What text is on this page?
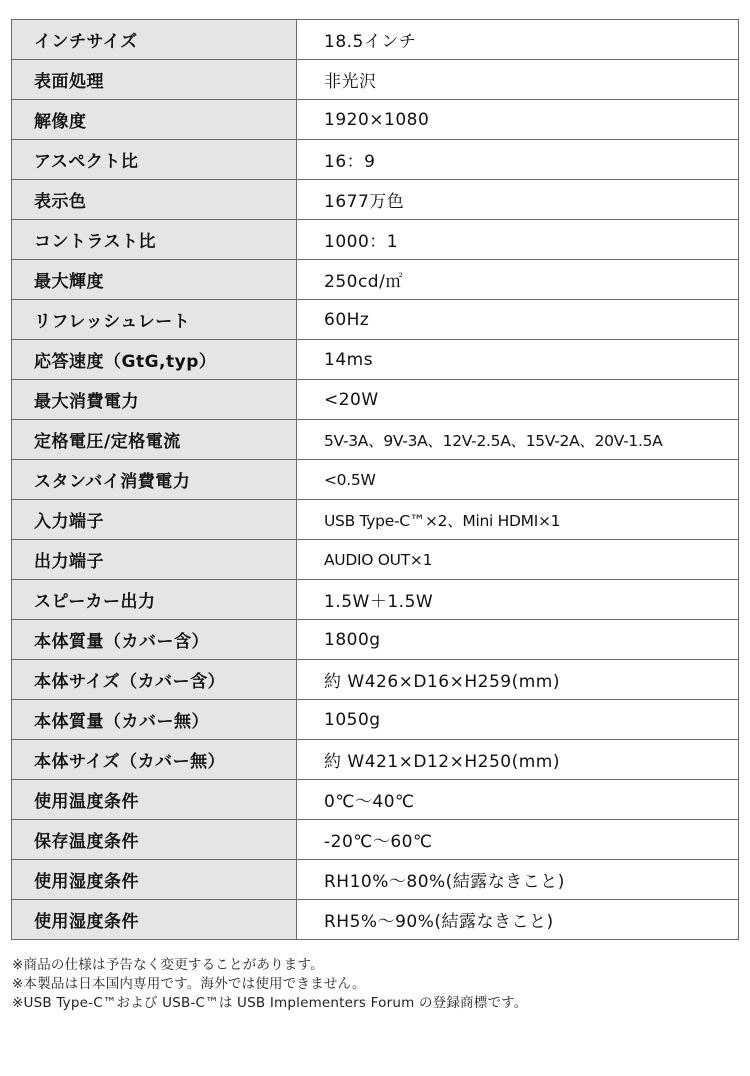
インチサイズ	18.5インチ
表面処理	非光沢
解像度	1920×1080
アスペクト比	16：9
表示色	1677万色
コントラスト比	1000：1
最大輝度	250cd/㎡
リフレッシュレート	60Hz
応答速度（GtG,typ）	14ms
最大消費電力	<20W
定格電圧/定格電流	5V-3A、9V-3A、12V-2.5A、15V-2A、20V-1.5A
スタンバイ消費電力	<0.5W
入力端子	USB Type-C™×2、Mini HDMI×1
出力端子	AUDIO OUT×1
スピーカー出力	1.5W＋1.5W
本体質量（カバー含）	1800g
本体サイズ（カバー含）	約 W426×D16×H259(mm)
本体質量（カバー無）	1050g
本体サイズ（カバー無）	約 W421×D12×H250(mm)
使用温度条件	0℃～40℃
保存温度条件	-20℃～60℃
使用湿度条件	RH10%～80%(結露なきこと)
使用湿度条件	RH5%～90%(結露なきこと)
※商品の仕様は予告なく変更することがあります。
※本製品は日本国内専用です。海外では使用できません。
※USB Type-C™および USB-C™は USB Implementers Forum の登録商標です。
